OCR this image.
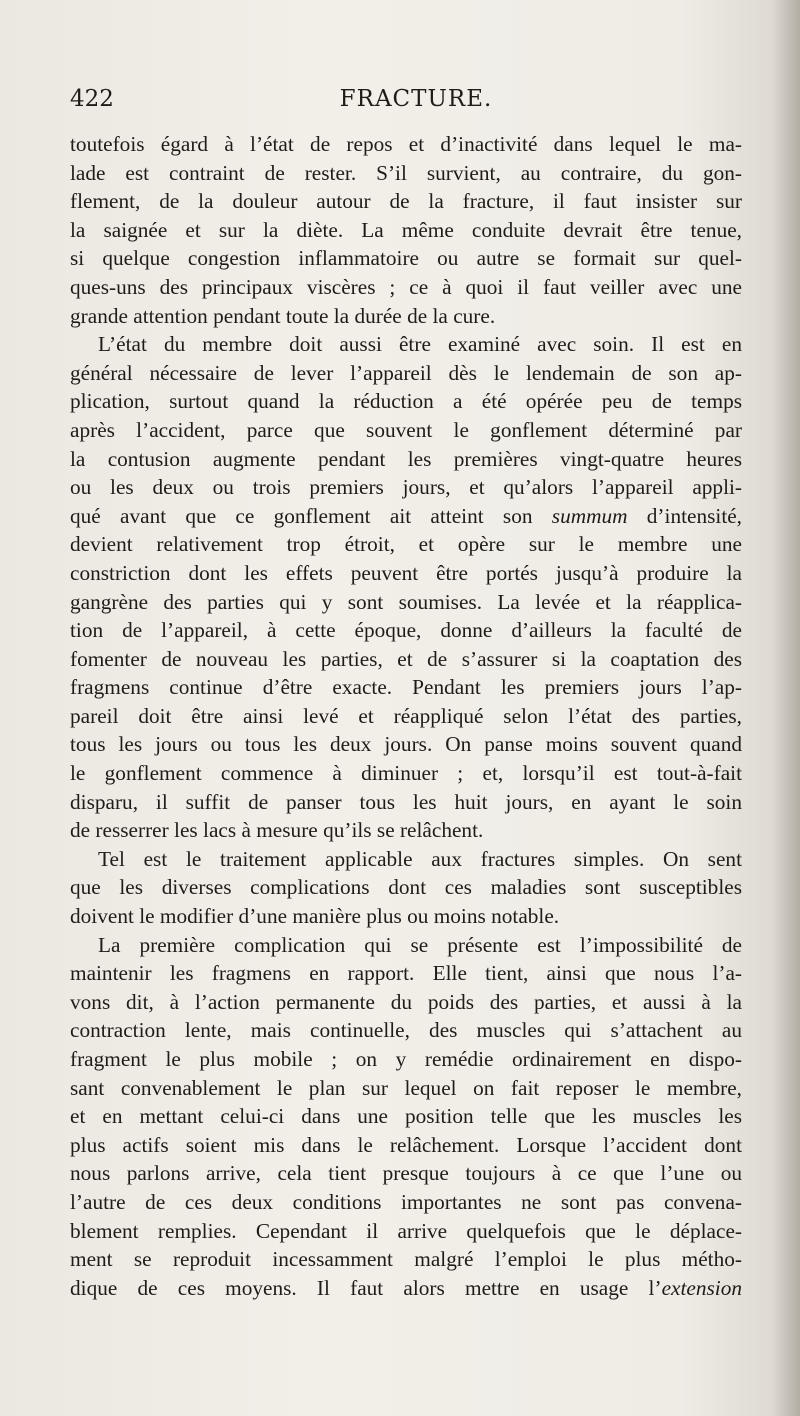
422	FRACTURE.
toutefois égard à l’état de repos et d’inactivité dans lequel le ma-
lade est contraint de rester. S’il survient, au contraire, du gon-
flement, de la douleur autour de la fracture, il faut insister sur
la saignée et sur la diète. La même conduite devrait être tenue,
si quelque congestion inflammatoire ou autre se formait sur quel-
ques-uns des principaux viscères ; ce à quoi il faut veiller avec une
grande attention pendant toute la durée de la cure.
L’état du membre doit aussi être examiné avec soin. Il est en
général nécessaire de lever l’appareil dès le lendemain de son ap-
plication, surtout quand la réduction a été opérée peu de temps
après l’accident, parce que souvent le gonflement déterminé par
la contusion augmente pendant les premières vingt-quatre heures
ou les deux ou trois premiers jours, et qu’alors l’appareil appli-
qué avant que ce gonflement ait atteint son summum d’intensité,
devient relativement trop étroit, et opère sur le membre une
constriction dont les effets peuvent être portés jusqu’à produire la
gangrène des parties qui y sont soumises. La levée et la réapplica-
tion de l’appareil, à cette époque, donne d’ailleurs la faculté de
fomenter de nouveau les parties, et de s’assurer si la coaptation des
fragmens continue d’être exacte. Pendant les premiers jours l’ap-
pareil doit être ainsi levé et réappliqué selon l’état des parties,
tous les jours ou tous les deux jours. On panse moins souvent quand
le gonflement commence à diminuer ; et, lorsqu’il est tout-à-fait
disparu, il suffit de panser tous les huit jours, en ayant le soin
de resserrer les lacs à mesure qu’ils se relâchent.
Tel est le traitement applicable aux fractures simples. On sent
que les diverses complications dont ces maladies sont susceptibles
doivent le modifier d’une manière plus ou moins notable.
La première complication qui se présente est l’impossibilité de
maintenir les fragmens en rapport. Elle tient, ainsi que nous l’a-
vons dit, à l’action permanente du poids des parties, et aussi à la
contraction lente, mais continuelle, des muscles qui s’attachent au
fragment le plus mobile ; on y remédie ordinairement en dispo-
sant convenablement le plan sur lequel on fait reposer le membre,
et en mettant celui-ci dans une position telle que les muscles les
plus actifs soient mis dans le relâchement. Lorsque l’accident dont
nous parlons arrive, cela tient presque toujours à ce que l’une ou
l’autre de ces deux conditions importantes ne sont pas convena-
blement remplies. Cependant il arrive quelquefois que le déplace-
ment se reproduit incessamment malgré l’emploi le plus métho-
dique de ces moyens. Il faut alors mettre en usage l’extension
